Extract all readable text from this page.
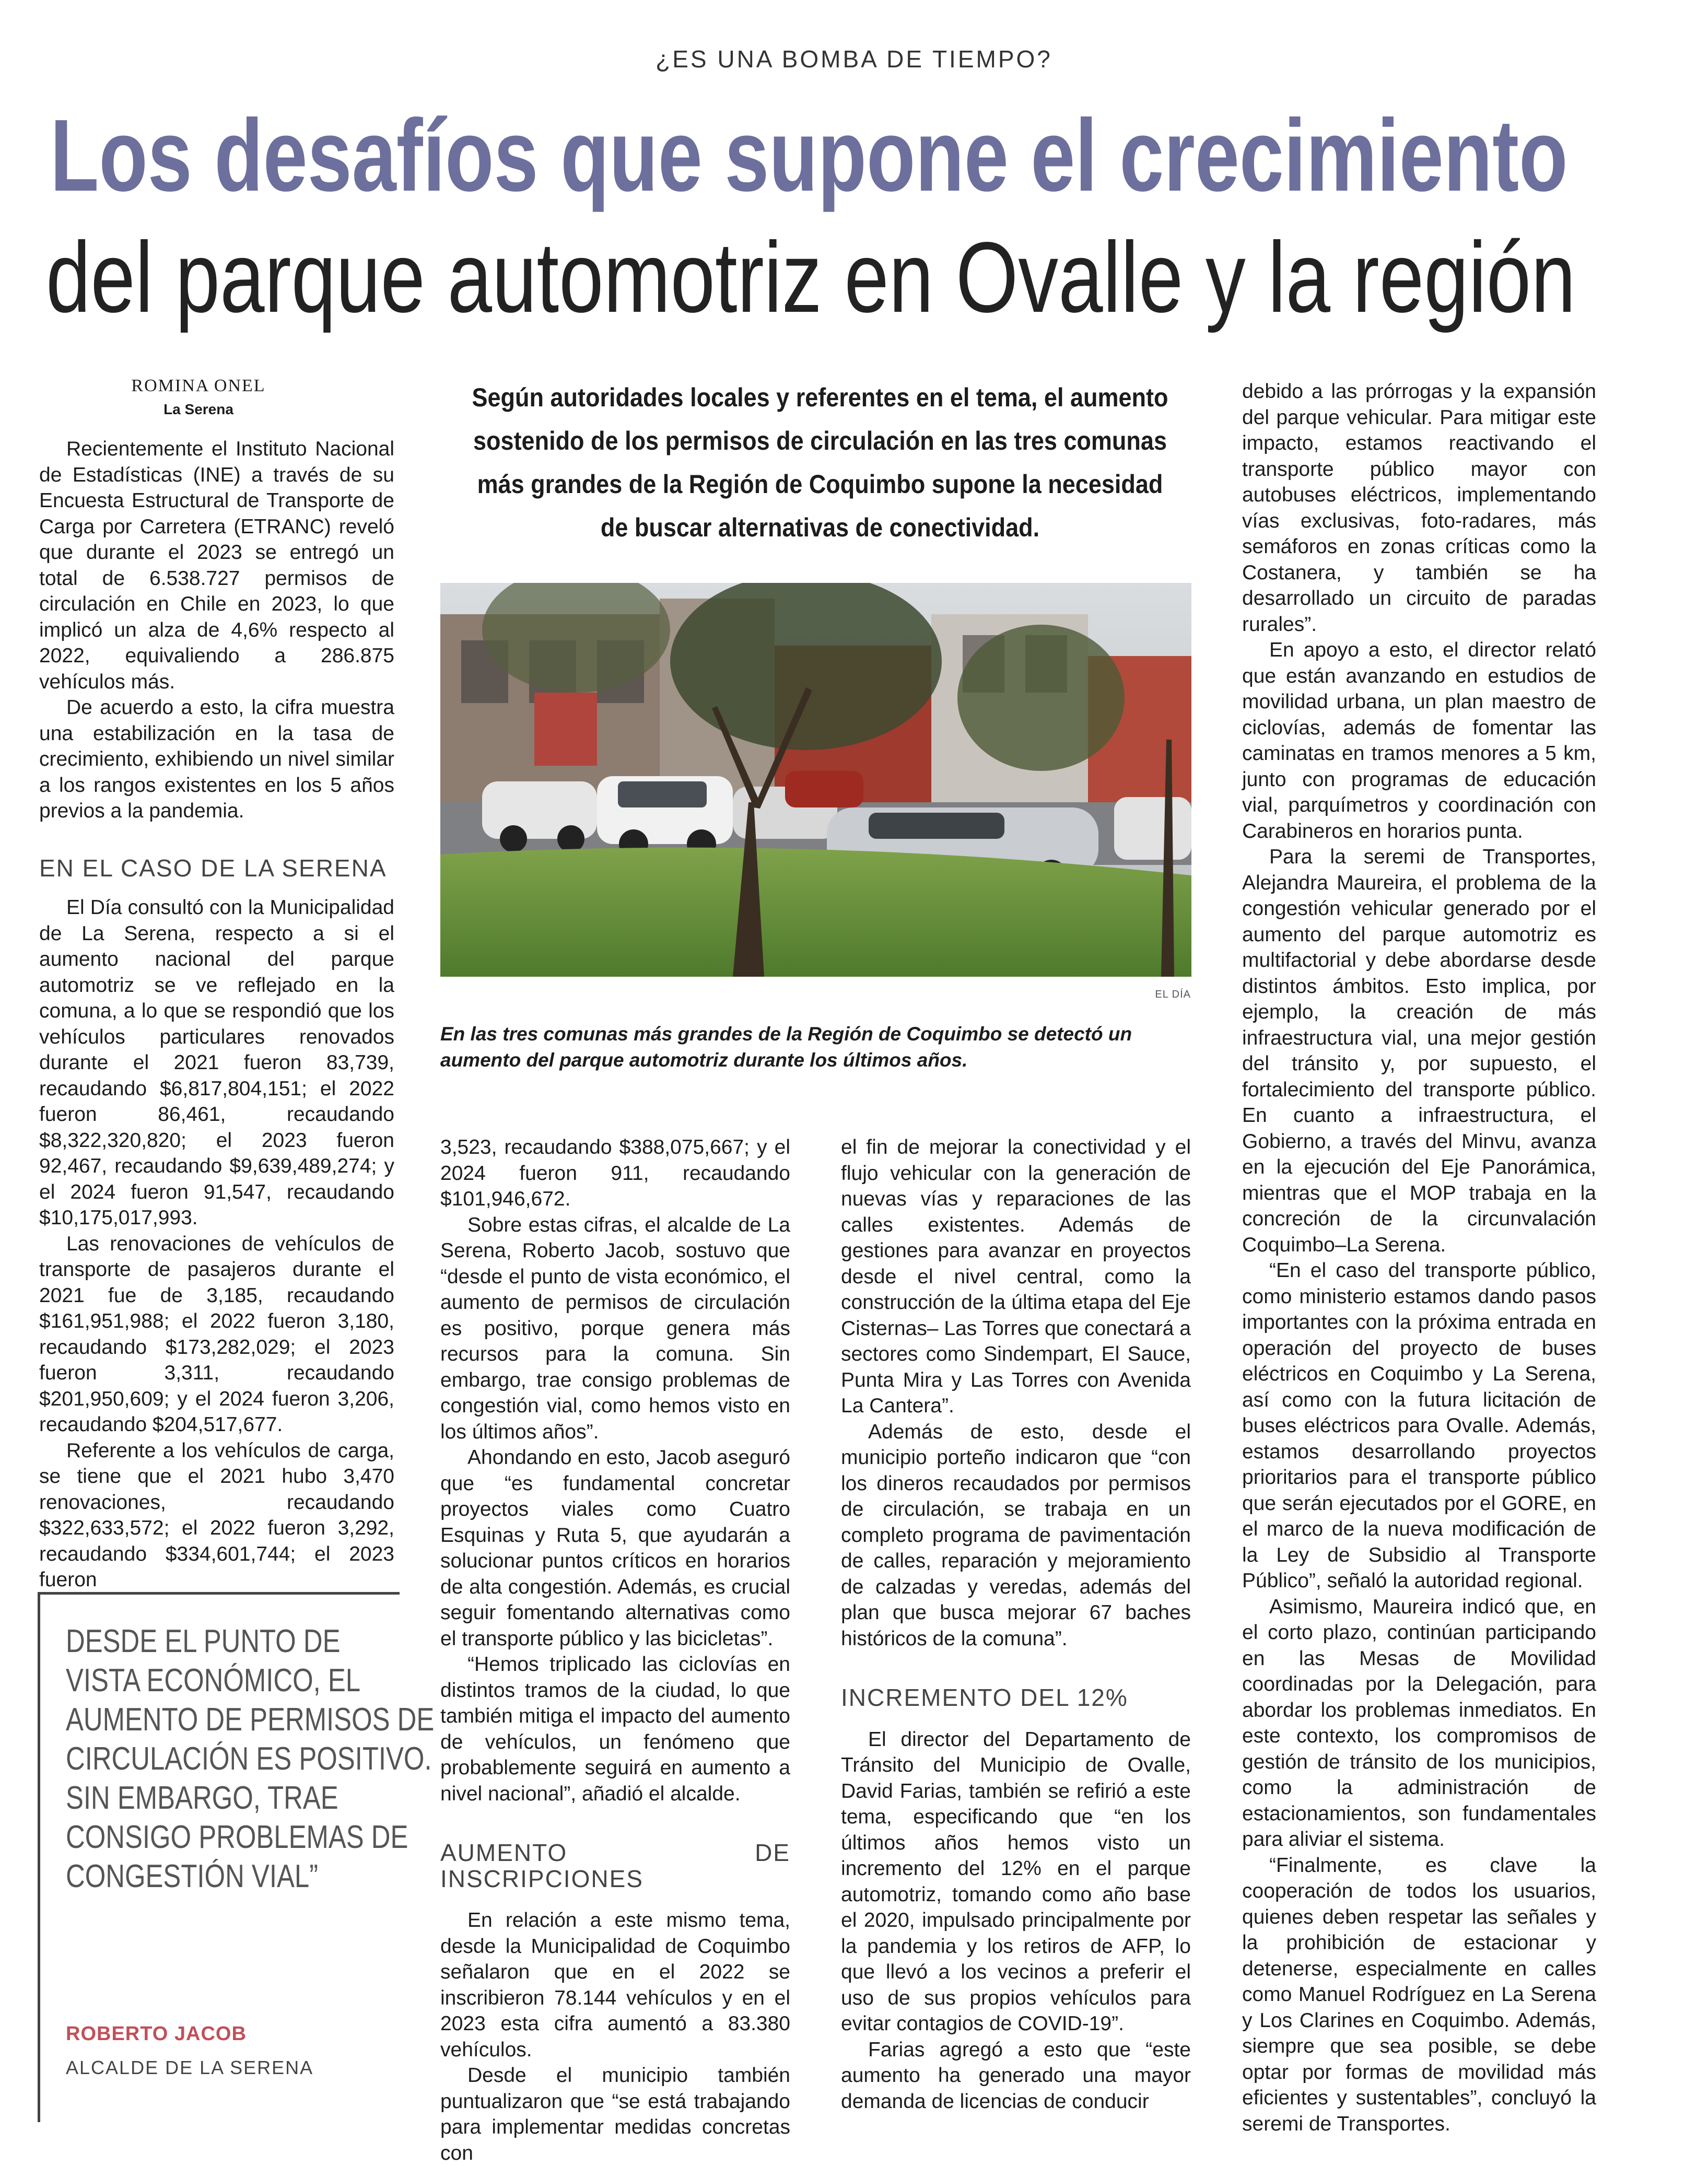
¿ES UNA BOMBA DE TIEMPO?
Los desafíos que supone el crecimiento
del parque automotriz en Ovalle y la región
ROMINA ONEL
La Serena

Recientemente el Instituto Nacional de Estadísticas (INE) a través de su Encuesta Estructural de Transporte de Carga por Carretera (ETRANC) reveló que durante el 2023 se entregó un total de 6.538.727 permisos de circulación en Chile en 2023, lo que implicó un alza de 4,6% respecto al 2022, equivaliendo a 286.875 vehículos más.

De acuerdo a esto, la cifra muestra una estabilización en la tasa de crecimiento, exhibiendo un nivel similar a los rangos existentes en los 5 años previos a la pandemia.

EN EL CASO DE LA SERENA

El Día consultó con la Municipalidad de La Serena, respecto a si el aumento nacional del parque automotriz se ve reflejado en la comuna, a lo que se respondió que los vehículos particulares renovados durante el 2021 fueron 83,739, recaudando $6,817,804,151; el 2022 fueron 86,461, recaudando $8,322,320,820; el 2023 fueron 92,467, recaudando $9,639,489,274; y el 2024 fueron 91,547, recaudando $10,175,017,993.

Las renovaciones de vehículos de transporte de pasajeros durante el 2021 fue de 3,185, recaudando $161,951,988; el 2022 fueron 3,180, recaudando $173,282,029; el 2023 fueron 3,311, recaudando $201,950,609; y el 2024 fueron 3,206, recaudando $204,517,677.

Referente a los vehículos de carga, se tiene que el 2021 hubo 3,470 renovaciones, recaudando $322,633,572; el 2022 fueron 3,292, recaudando $334,601,744; el 2023 fueron

DESDE EL PUNTO DE
VISTA ECONÓMICO, EL
AUMENTO DE PERMISOS DE
CIRCULACIÓN ES POSITIVO.
SIN EMBARGO, TRAE
CONSIGO PROBLEMAS DE
CONGESTIÓN VIAL”
ROBERTO JACOB
ALCALDE DE LA SERENA
Según autoridades locales y referentes en el tema, el aumento sostenido de los permisos de circulación en las tres comunas más grandes de la Región de Coquimbo supone la necesidad de buscar alternativas de conectividad.
EL DÍA
En las tres comunas más grandes de la Región de Coquimbo se detectó un aumento del parque automotriz durante los últimos años.

3,523, recaudando $388,075,667; y el 2024 fueron 911, recaudando $101,946,672.

Sobre estas cifras, el alcalde de La Serena, Roberto Jacob, sostuvo que “desde el punto de vista económico, el aumento de permisos de circulación es positivo, porque genera más recursos para la comuna. Sin embargo, trae consigo problemas de congestión vial, como hemos visto en los últimos años”.

Ahondando en esto, Jacob aseguró que “es fundamental concretar proyectos viales como Cuatro Esquinas y Ruta 5, que ayudarán a solucionar puntos críticos en horarios de alta congestión. Además, es crucial seguir fomentando alternativas como el transporte público y las bicicletas”.

“Hemos triplicado las ciclovías en distintos tramos de la ciudad, lo que también mitiga el impacto del aumento de vehículos, un fenómeno que probablemente seguirá en aumento a nivel nacional”, añadió el alcalde.

AUMENTO DE INSCRIPCIONES

En relación a este mismo tema, desde la Municipalidad de Coquimbo señalaron que en el 2022 se inscribieron 78.144 vehículos y en el 2023 esta cifra aumentó a 83.380 vehículos.

Desde el municipio también puntualizaron que “se está trabajando para implementar medidas concretas con

el fin de mejorar la conectividad y el flujo vehicular con la generación de nuevas vías y reparaciones de las calles existentes. Además de gestiones para avanzar en proyectos desde el nivel central, como la construcción de la última etapa del Eje Cisternas– Las Torres que conectará a sectores como Sindempart, El Sauce, Punta Mira y Las Torres con Avenida La Cantera”.

Además de esto, desde el municipio porteño indicaron que “con los dineros recaudados por permisos de circulación, se trabaja en un completo programa de pavimentación de calles, reparación y mejoramiento de calzadas y veredas, además del plan que busca mejorar 67 baches históricos de la comuna”.

INCREMENTO DEL 12%

El director del Departamento de Tránsito del Municipio de Ovalle, David Farias, también se refirió a este tema, especificando que “en los últimos años hemos visto un incremento del 12% en el parque automotriz, tomando como año base el 2020, impulsado principalmente por la pandemia y los retiros de AFP, lo que llevó a los vecinos a preferir el uso de sus propios vehículos para evitar contagios de COVID-19”.

Farias agregó a esto que “este aumento ha generado una mayor demanda de licencias de conducir

debido a las prórrogas y la expansión del parque vehicular. Para mitigar este impacto, estamos reactivando el transporte público mayor con autobuses eléctricos, implementando vías exclusivas, foto-radares, más semáforos en zonas críticas como la Costanera, y también se ha desarrollado un circuito de paradas rurales”.

En apoyo a esto, el director relató que están avanzando en estudios de movilidad urbana, un plan maestro de ciclovías, además de fomentar las caminatas en tramos menores a 5 km, junto con programas de educación vial, parquímetros y coordinación con Carabineros en horarios punta.

Para la seremi de Transportes, Alejandra Maureira, el problema de la congestión vehicular generado por el aumento del parque automotriz es multifactorial y debe abordarse desde distintos ámbitos. Esto implica, por ejemplo, la creación de más infraestructura vial, una mejor gestión del tránsito y, por supuesto, el fortalecimiento del transporte público. En cuanto a infraestructura, el Gobierno, a través del Minvu, avanza en la ejecución del Eje Panorámica, mientras que el MOP trabaja en la concreción de la circunvalación Coquimbo–La Serena.

“En el caso del transporte público, como ministerio estamos dando pasos importantes con la próxima entrada en operación del proyecto de buses eléctricos en Coquimbo y La Serena, así como con la futura licitación de buses eléctricos para Ovalle. Además, estamos desarrollando proyectos prioritarios para el transporte público que serán ejecutados por el GORE, en el marco de la nueva modificación de la Ley de Subsidio al Transporte Público”, señaló la autoridad regional.

Asimismo, Maureira indicó que, en el corto plazo, continúan participando en las Mesas de Movilidad coordinadas por la Delegación, para abordar los problemas inmediatos. En este contexto, los compromisos de gestión de tránsito de los municipios, como la administración de estacionamientos, son fundamentales para aliviar el sistema.

“Finalmente, es clave la cooperación de todos los usuarios, quienes deben respetar las señales y la prohibición de estacionar y detenerse, especialmente en calles como Manuel Rodríguez en La Serena y Los Clarines en Coquimbo. Además, siempre que sea posible, se debe optar por formas de movilidad más eficientes y sustentables”, concluyó la seremi de Transportes.
